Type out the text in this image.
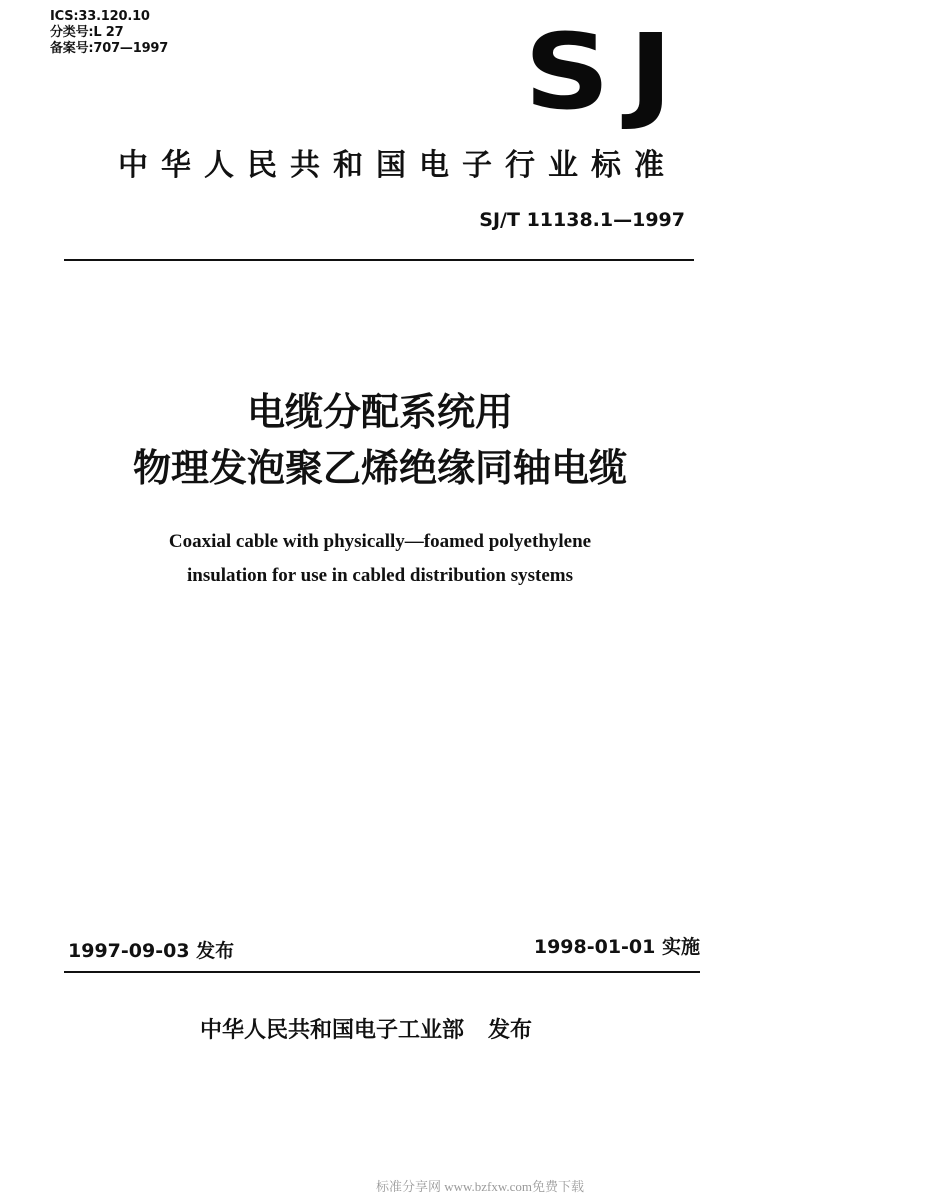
ICS:33.120.10
分类号:L 27
备案号:707—1997	SJ
中华人民共和国电子行业标准
SJ/T 11138.1—1997
电缆分配系统用
物理发泡聚乙烯绝缘同轴电缆
Coaxial cable with physically—foamed polyethylene
insulation for use in cabled distribution systems
1997-09-03 发布	1998-01-01 实施
中华人民共和国电子工业部 发布
标准分享网 www.bzfxw.com免费下载
